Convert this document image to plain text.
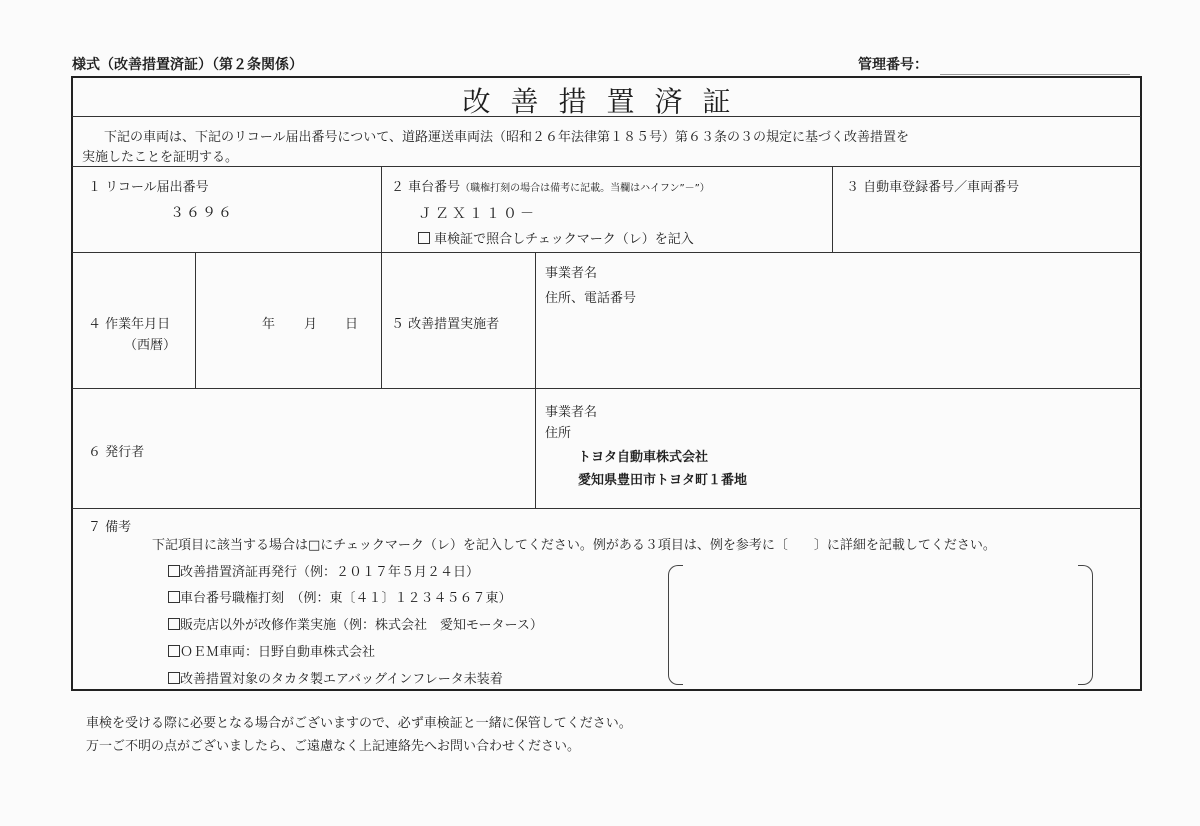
様式（改善措置済証）（第２条関係）	管理番号：
改善措置済証
下記の車両は、下記のリコール届出番号について、道路運送車両法（昭和２６年法律第１８５号）第６３条の３の規定に基づく改善措置を
実施したことを証明する。
１ リコール届出番号
３６９６
２ 車台番号（職権打刻の場合は備考に記載。当欄はハイフン”－”）
ＪＺＸ１１０－
車検証で照合しチェックマーク（レ）を記入
３ 自動車登録番号／車両番号
４ 作業年月日
（西暦）
年 月 日	５ 改善措置実施者
事業者名
住所、電話番号
６ 発行者
事業者名
住所
トヨタ自動車株式会社
愛知県豊田市トヨタ町１番地
７ 備考
下記項目に該当する場合は□にチェックマーク（レ）を記入してください。例がある３項目は、例を参考に〔　　〕に詳細を記載してください。
改善措置済証再発行（例：２０１７年５月２４日）
車台番号職権打刻　（例：東〔４１〕１２３４５６７東）
販売店以外が改修作業実施（例：株式会社　愛知モータース）
ＯＥＭ車両：日野自動車株式会社
改善措置対象のタカタ製エアバッグインフレータ未装着
車検を受ける際に必要となる場合がございますので、必ず車検証と一緒に保管してください。
万一ご不明の点がございましたら、ご遠慮なく上記連絡先へお問い合わせください。
